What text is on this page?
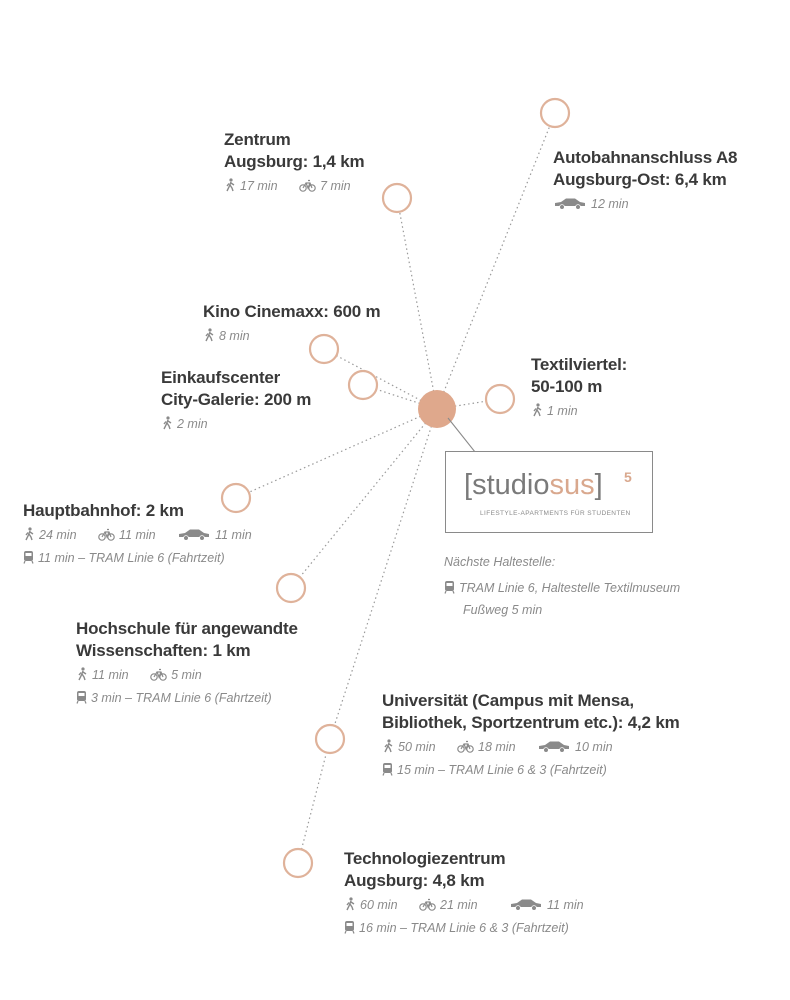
Zentrum
Augsburg: 1,4 km
17 min	7 min
Autobahnanschluss A8
Augsburg-Ost: 6,4 km
12 min
Kino Cinemaxx: 600 m
8 min
Einkaufscenter
City-Galerie: 200 m
2 min
Textilviertel:
50-100 m
1 min
Hauptbahnhof: 2 km
24 min	11 min	11 min
11 min – TRAM Linie 6 (Fahrtzeit)
Hochschule für angewandte
Wissenschaften: 1 km
11 min	5 min
3 min – TRAM Linie 6 (Fahrtzeit)	Universität (Campus mit Mensa,
Bibliothek, Sportzentrum etc.): 4,2 km
50 min	18 min	10 min
15 min – TRAM Linie 6 & 3 (Fahrtzeit)
Technologiezentrum
Augsburg: 4,8 km
60 min	21 min	11 min
16 min – TRAM Linie 6 & 3 (Fahrtzeit)
[studiosus] 5
LIFESTYLE-APARTMENTS FÜR STUDENTEN
Nächste Haltestelle:
TRAM Linie 6, Haltestelle Textilmuseum
Fußweg 5 min
